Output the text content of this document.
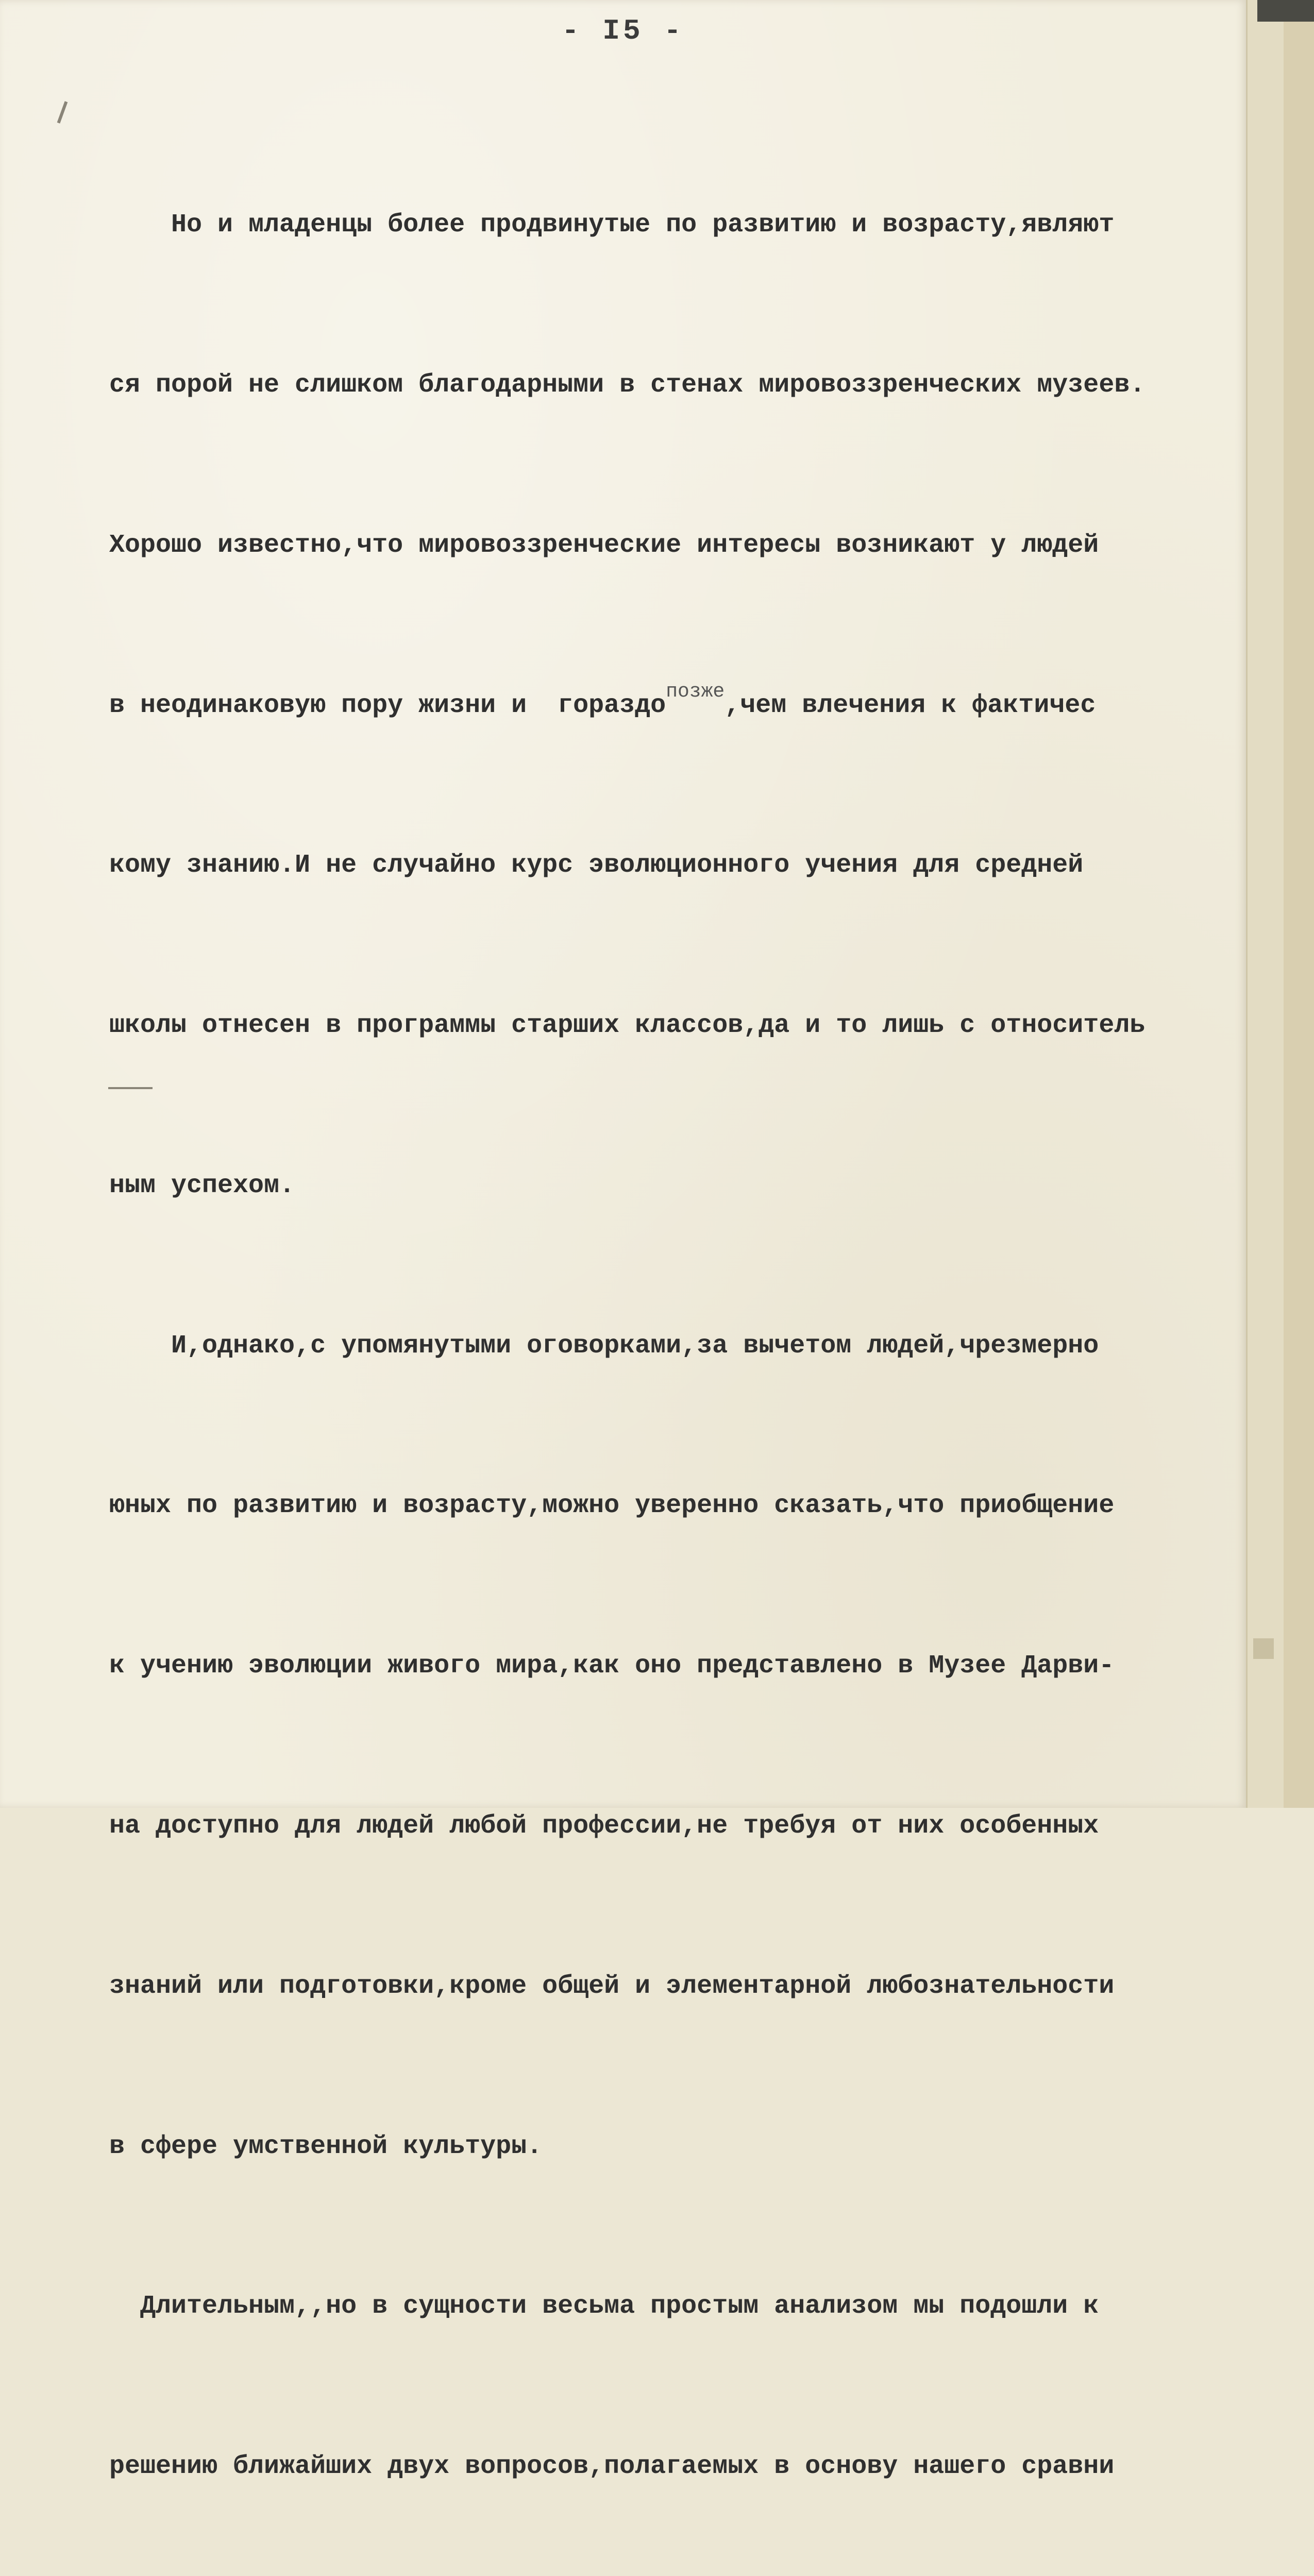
- I5 -

Но и младенцы более продвинутые по развитию и возрасту,являют

ся порой не слишком благодарными в стенах мировоззренческих музеев.

Хорошо известно,что мировоззренческие интересы возникают у людей

в неодинаковую пору жизни и  гораздо$^{позже}$,чем влечения к фактичес

кому знанию.И не случайно курс эволюционного учения для средней

школы отнесен в программы старших классов,да и то лишь с относитель

ным успехом.

И,однако,с упомянутыми оговорками,за вычетом людей,чрезмерно

юных по развитию и возрасту,можно уверенно сказать,что приобщение

к учению эволюции живого мира,как оно представлено в Музее Дарви-

на доступно для людей любой профессии,не требуя от них особенных

знаний или подготовки,кроме общей и элементарной любознательности

в сфере умственной культуры.

Длительным,,но в сущности весьма простым анализом мы подошли к

решению ближайших двух вопросов,полагаемых в основу нашего сравни
